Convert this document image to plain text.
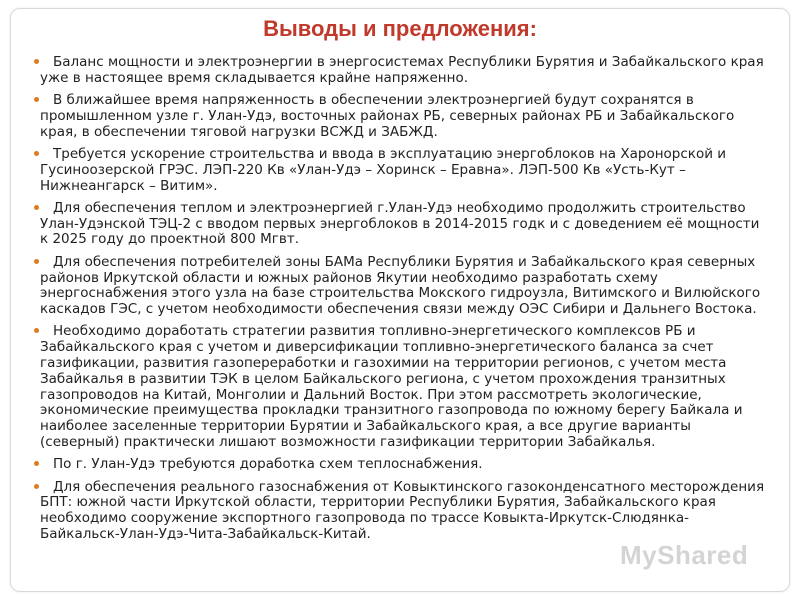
Выводы и предложения:
Баланс мощности и электроэнергии в энергосистемах Республики Бурятия и Забайкальского края уже в настоящее время складывается крайне напряженно.
В ближайшее время напряженность в обеспечении электроэнергией будут сохранятся в промышленном узле г. Улан-Удэ, восточных районах РБ, северных районах РБ и Забайкальского края, в обеспечении тяговой нагрузки ВСЖД и ЗАБЖД.
Требуется ускорение строительства и ввода в эксплуатацию энергоблоков на Харонорской и Гусиноозерской ГРЭС. ЛЭП-220 Кв «Улан-Удэ – Хоринск – Еравна». ЛЭП-500 Кв «Усть-Кут – Нижнеангарск – Витим».
Для обеспечения теплом и электроэнергией г.Улан-Удэ необходимо продолжить строительство Улан-Удэнской ТЭЦ-2 с вводом первых энергоблоков в 2014-2015 годк и с доведением её мощности к 2025 году до проектной 800 Мгвт.
Для обеспечения потребителей зоны БАМа Республики Бурятия и Забайкальского края северных районов Иркутской области и южных районов Якутии необходимо разработать схему энергоснабжения этого узла на базе строительства Мокского гидроузла, Витимского и Вилюйского каскадов ГЭС, с учетом необходимости обеспечения связи между ОЭС Сибири и Дальнего Востока.
Необходимо доработать стратегии развития топливно-энергетического комплексов РБ и Забайкальского края с учетом и диверсификации топливно-энергетического баланса за счет газификации, развития газопереработки и газохимии на территории регионов, с учетом места Забайкалья в развитии ТЭК в целом Байкальского региона, с учетом прохождения транзитных газопроводов на Китай, Монголии и Дальний Восток. При этом рассмотреть экологические, экономические преимущества прокладки транзитного газопровода по южному берегу Байкала и наиболее заселенные территории Бурятии и Забайкальского края, а все другие варианты (северный) практически лишают возможности газификации территории Забайкалья.
По г. Улан-Удэ требуются доработка схем теплоснабжения.
Для обеспечения реального газоснабжения от Ковыктинского газоконденсатного месторождения БПТ: южной части Иркутской области, территории Республики Бурятия, Забайкальского края необходимо сооружение экспортного газопровода по трассе Ковыкта-Иркутск-Слюдянка-Байкальск-Улан-Удэ-Чита-Забайкальск-Китай.
MyShared
